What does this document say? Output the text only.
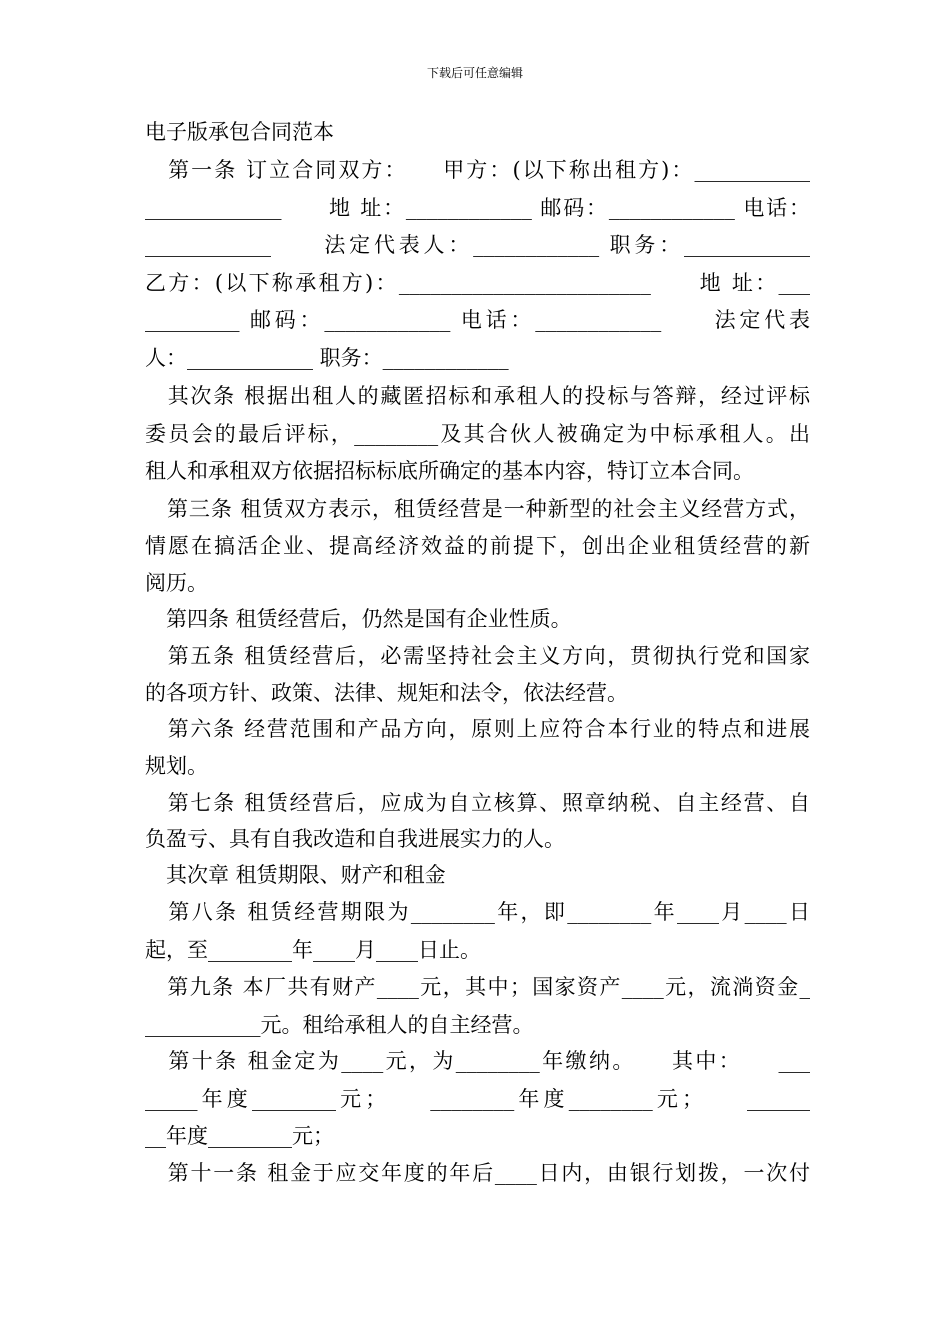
下载后可任意编辑
电子版承包合同范本
　第一条 订立合同双方：　　甲方：(以下称出租方)：___________
_____________　　地 址：____________ 邮码：____________ 电话：
____________　　法定代表人：____________ 职务：____________
乙方：(以下称承租方)：________________________　　地 址：___
_________ 邮码：____________ 电话：____________　　法定代表
人：____________ 职务：____________
　其次条 根据出租人的藏匿招标和承租人的投标与答辩，经过评标
委员会的最后评标，________及其合伙人被确定为中标承租人。出
租人和承租双方依据招标标底所确定的基本内容，特订立本合同。
　第三条 租赁双方表示，租赁经营是一种新型的社会主义经营方式，
情愿在搞活企业、提高经济效益的前提下，创出企业租赁经营的新
阅历。
　第四条 租赁经营后，仍然是国有企业性质。
　第五条 租赁经营后，必需坚持社会主义方向，贯彻执行党和国家
的各项方针、政策、法律、规矩和法令，依法经营。
　第六条 经营范围和产品方向，原则上应符合本行业的特点和进展
规划。
　第七条 租赁经营后，应成为自立核算、照章纳税、自主经营、自
负盈亏、具有自我改造和自我进展实力的人。
　其次章 租赁期限、财产和租金
　第八条 租赁经营期限为________年，即________年____月____日
起，至________年____月____日止。
　第九条 本厂共有财产____元，其中；国家资产____元，流淌资金_
___________元。租给承租人的自主经营。
　第十条 租金定为____元，为________年缴纳。　　其中：　　___
_____年度________元；　　________年度________元；　　______
__年度________元；
　第十一条 租金于应交年度的年后____日内，由银行划拨，一次付
